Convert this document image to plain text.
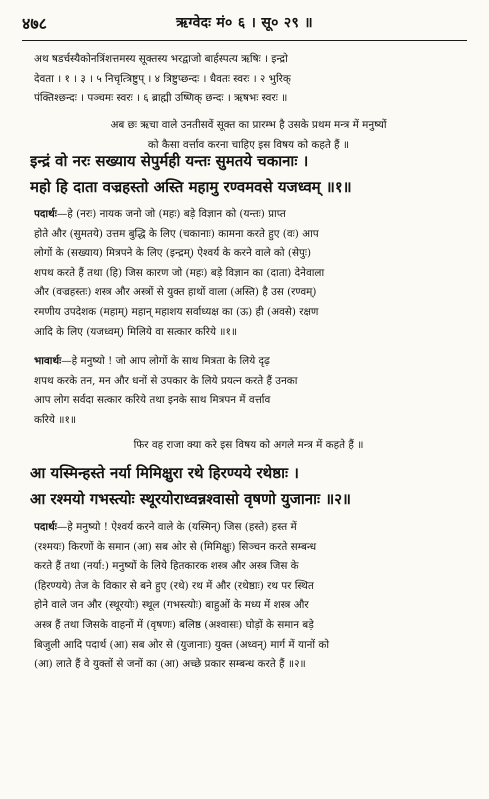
४७८	ऋग्वेदः मं० ६ । सू० २९ ॥
अथ षडर्चस्यैकोनत्रिंशत्तमस्य सूक्तस्य भरद्वाजो बार्हस्पत्य ऋषिः । इन्द्रो
देवता । १ । ३ । ५ निचृत्त्रिष्टुप् । ४ त्रिष्टुप्छन्दः । धैवतः स्वरः । २ भुरिक्
पंक्तिश्छन्दः । पञ्चमः स्वरः । ६ ब्राह्मी उष्णिक् छन्दः । ऋषभः स्वरः ॥
अब छः ऋचा वाले उनतीसवें सूक्त का प्रारम्भ है उसके प्रथम मन्त्र में मनुष्यों
को कैसा वर्त्ताव करना चाहिए इस विषय को कहते हैं ॥
इन्द्रं वो नरः सख्याय सेपुर्मही यन्तः सुमतये चकानाः ।
महो हि दाता वज्रहस्तो अस्ति महामु रण्वमवसे यजध्वम् ॥१॥
पदार्थः—हे (नरः) नायक जनो जो (महः) बड़े विज्ञान को (यन्तः) प्राप्त
होते और (सुमतये) उत्तम बुद्धि के लिए (चकानाः) कामना करते हुए (वः) आप
लोगों के (सख्याय) मित्रपने के लिए (इन्द्रम्) ऐश्वर्य के करने वाले को (सेपुः)
शपथ करते हैं तथा (हि) जिस कारण जो (महः) बड़े विज्ञान का (दाता) देनेवाला
और (वज्रहस्तः) शस्त्र और अस्त्रों से युक्त हाथों वाला (अस्ति) है उस (रण्वम्)
रमणीय उपदेशक (महाम्) महान् महाशय सर्वाध्यक्ष का (ऊ) ही (अवसे) रक्षण
आदि के लिए (यजध्वम्) मिलिये वा सत्कार करिये ॥१॥
भावार्थः—हे मनुष्यो ! जो आप लोगों के साथ मित्रता के लिये दृढ़
शपथ करके तन, मन और धनों से उपकार के लिये प्रयत्न करते हैं उनका
आप लोग सर्वदा सत्कार करिये तथा इनके साथ मित्रपन में वर्त्ताव
करिये ॥१॥
फिर वह राजा क्या करे इस विषय को अगले मन्त्र में कहते हैं ॥
आ यस्मिन्हस्ते नर्या मिमिक्षुरा रथे हिरण्यये रथेष्ठाः ।
आ रश्मयो गभस्त्योः स्थूरयोराध्वन्नश्वासो वृषणो युजानाः ॥२॥
पदार्थः—हे मनुष्यो ! ऐश्वर्य करने वाले के (यस्मिन्) जिस (हस्ते) हस्त में
(रश्मयः) किरणों के समान (आ) सब ओर से (मिमिक्षुः) सिञ्चन करते सम्बन्ध
करते हैं तथा (नर्या:) मनुष्यों के लिये हितकारक शस्त्र और अस्त्र जिस के
(हिरण्यये) तेज के विकार से बने हुए (रथे) रथ में और (रथेष्ठाः) रथ पर स्थित
होने वाले जन और (स्थूरयोः) स्थूल (गभस्त्योः) बाहुओं के मध्य में शस्त्र और
अस्त्र हैं तथा जिसके वाहनों में (वृषणः) बलिष्ठ (अश्वासः) घोड़ों के समान बड़े
बिजुली आदि पदार्थ (आ) सब ओर से (युजानाः) युक्त (अध्वन्) मार्ग में यानों को
(आ) लाते हैं वे युक्तों से जनों का (आ) अच्छे प्रकार सम्बन्ध करते हैं ॥२॥
